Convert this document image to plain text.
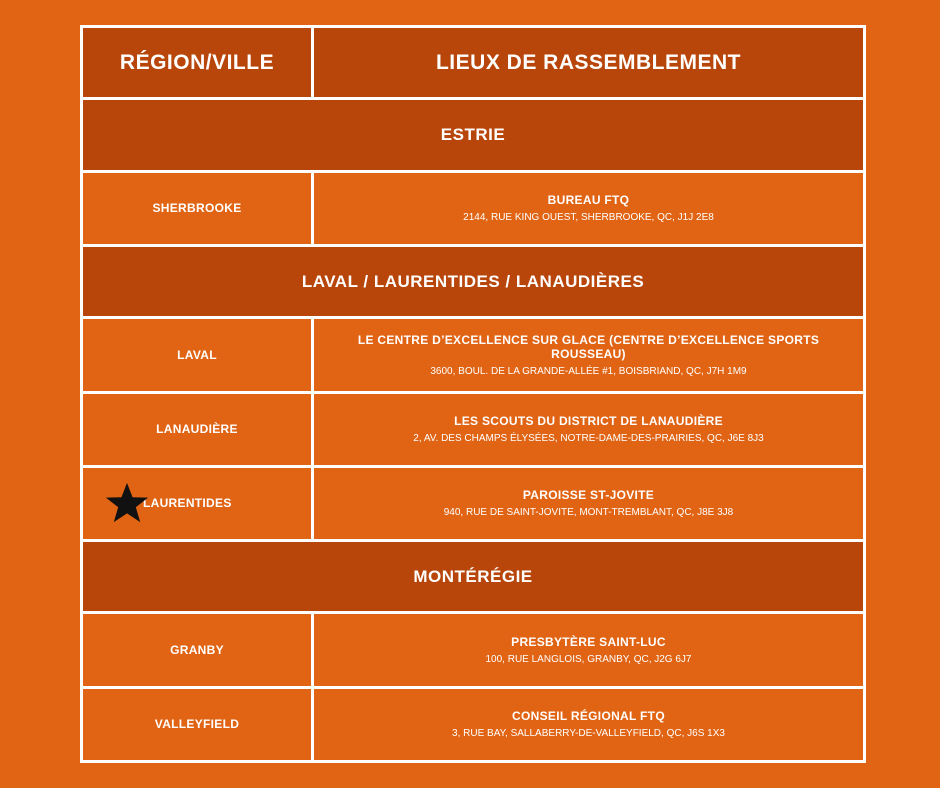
RÉGION/VILLE	LIEUX DE RASSEMBLEMENT
ESTRIE
SHERBROOKE
BUREAU FTQ
2144, RUE KING OUEST, SHERBROOKE, QC, J1J 2E8
LAVAL / LAURENTIDES / LANAUDIÈRES
LAVAL
LE CENTRE D’EXCELLENCE SUR GLACE (CENTRE D’EXCELLENCE SPORTS ROUSSEAU)
3600, BOUL. DE LA GRANDE-ALLÉE #1, BOISBRIAND, QC, J7H 1M9
LANAUDIÈRE
LES SCOUTS DU DISTRICT DE LANAUDIÈRE
2, AV. DES CHAMPS ÉLYSÉES, NOTRE-DAME-DES-PRAIRIES, QC, J6E 8J3
LAURENTIDES
PAROISSE ST-JOVITE
940, RUE DE SAINT-JOVITE, MONT-TREMBLANT, QC, J8E 3J8
MONTÉRÉGIE
GRANBY
PRESBYTÈRE SAINT-LUC
100, RUE LANGLOIS, GRANBY, QC, J2G 6J7
VALLEYFIELD
CONSEIL RÉGIONAL FTQ
3, RUE BAY, SALLABERRY-DE-VALLEYFIELD, QC, J6S 1X3
